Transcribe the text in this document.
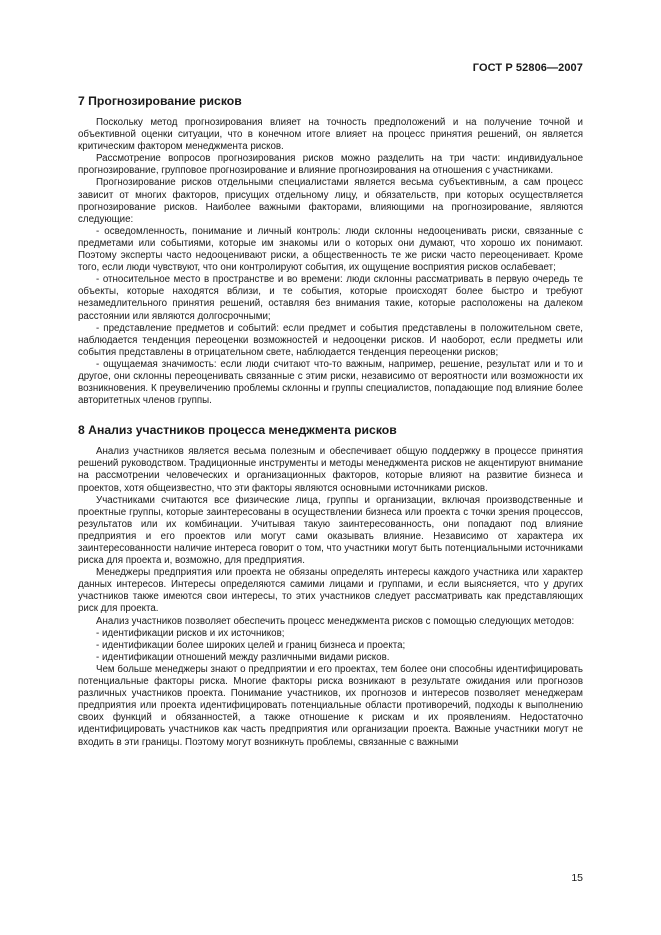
ГОСТ Р 52806—2007
7 Прогнозирование рисков

Поскольку метод прогнозирования влияет на точность предположений и на получение точной и объективной оценки ситуации, что в конечном итоге влияет на процесс принятия решений, он является критическим фактором менеджмента рисков.

Рассмотрение вопросов прогнозирования рисков можно разделить на три части: индивидуальное прогнозирование, групповое прогнозирование и влияние прогнозирования на отношения с участниками.

Прогнозирование рисков отдельными специалистами является весьма субъективным, а сам процесс зависит от многих факторов, присущих отдельному лицу, и обязательств, при которых осуществляется прогнозирование рисков. Наиболее важными факторами, влияющими на прогнозирование, являются следующие:

- осведомленность, понимание и личный контроль: люди склонны недооценивать риски, связанные с предметами или событиями, которые им знакомы или о которых они думают, что хорошо их понимают. Поэтому эксперты часто недооценивают риски, а общественность те же риски часто переоценивает. Кроме того, если люди чувствуют, что они контролируют события, их ощущение восприятия рисков ослабевает;

- относительное место в пространстве и во времени: люди склонны рассматривать в первую очередь те объекты, которые находятся вблизи, и те события, которые происходят более быстро и требуют незамедлительного принятия решений, оставляя без внимания такие, которые расположены на далеком расстоянии или являются долгосрочными;

- представление предметов и событий: если предмет и события представлены в положительном свете, наблюдается тенденция переоценки возможностей и недооценки рисков. И наоборот, если предметы или события представлены в отрицательном свете, наблюдается тенденция переоценки рисков;

- ощущаемая значимость: если люди считают что-то важным, например, решение, результат или и то и другое, они склонны переоценивать связанные с этим риски, независимо от вероятности или возможности их возникновения. К преувеличению проблемы склонны и группы специалистов, попадающие под влияние более авторитетных членов группы.

8 Анализ участников процесса менеджмента рисков

Анализ участников является весьма полезным и обеспечивает общую поддержку в процессе принятия решений руководством. Традиционные инструменты и методы менеджмента рисков не акцентируют внимание на рассмотрении человеческих и организационных факторов, которые влияют на развитие бизнеса и проектов, хотя общеизвестно, что эти факторы являются основными источниками рисков.

Участниками считаются все физические лица, группы и организации, включая производственные и проектные группы, которые заинтересованы в осуществлении бизнеса или проекта с точки зрения процессов, результатов или их комбинации. Учитывая такую заинтересованность, они попадают под влияние предприятия и его проектов или могут сами оказывать влияние. Независимо от характера их заинтересованности наличие интереса говорит о том, что участники могут быть потенциальными источниками риска для проекта и, возможно, для предприятия.

Менеджеры предприятия или проекта не обязаны определять интересы каждого участника или характер данных интересов. Интересы определяются самими лицами и группами, и если выясняется, что у других участников также имеются свои интересы, то этих участников следует рассматривать как представляющих риск для проекта.

Анализ участников позволяет обеспечить процесс менеджмента рисков с помощью следующих методов:

- идентификации рисков и их источников;

- идентификации более широких целей и границ бизнеса и проекта;

- идентификации отношений между различными видами рисков.

Чем больше менеджеры знают о предприятии и его проектах, тем более они способны идентифицировать потенциальные факторы риска. Многие факторы риска возникают в результате ожидания или прогнозов различных участников проекта. Понимание участников, их прогнозов и интересов позволяет менеджерам предприятия или проекта идентифицировать потенциальные области противоречий, подходы к выполнению своих функций и обязанностей, а также отношение к рискам и их проявлениям. Недостаточно идентифицировать участников как часть предприятия или организации проекта. Важные участники могут не входить в эти границы. Поэтому могут возникнуть проблемы, связанные с важными

15
